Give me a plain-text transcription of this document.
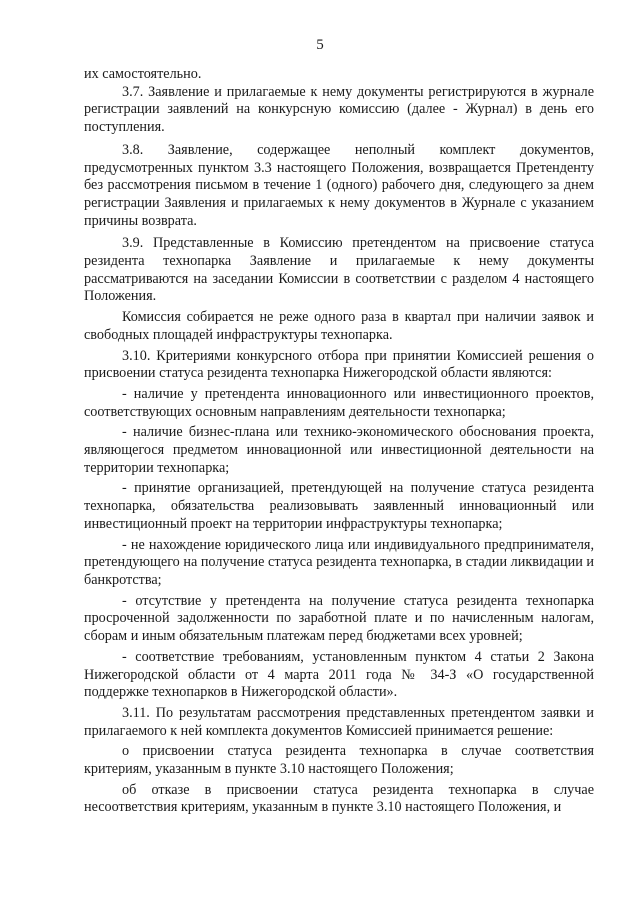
5

их самостоятельно.

3.7. Заявление и прилагаемые к нему документы регистрируются в журнале регистрации заявлений на конкурсную комиссию (далее - Журнал) в день его поступления.

3.8. Заявление, содержащее неполный комплект документов, предусмотренных пунктом 3.3 настоящего Положения, возвращается Претенденту без рассмотрения письмом в течение 1 (одного) рабочего дня, следующего за днем регистрации Заявления и прилагаемых к нему документов в Журнале с указанием причины возврата.

3.9. Представленные в Комиссию претендентом на присвоение статуса резидента технопарка Заявление и прилагаемые к нему документы рассматриваются на заседании Комиссии в соответствии с разделом 4 настоящего Положения.

Комиссия собирается не реже одного раза в квартал при наличии заявок и свободных площадей инфраструктуры технопарка.

3.10. Критериями конкурсного отбора при принятии Комиссией решения о присвоении статуса резидента технопарка Нижегородской области являются:

- наличие у претендента инновационного или инвестиционного проектов, соответствующих основным направлениям деятельности технопарка;

- наличие бизнес-плана или технико-экономического обоснования проекта, являющегося предметом инновационной или инвестиционной деятельности на территории технопарка;

- принятие организацией, претендующей на получение статуса резидента технопарка, обязательства реализовывать заявленный инновационный или инвестиционный проект на территории инфраструктуры технопарка;

- не нахождение юридического лица или индивидуального предпринимателя, претендующего на получение статуса резидента технопарка, в стадии ликвидации и банкротства;

- отсутствие у претендента на получение статуса резидента технопарка просроченной задолженности по заработной плате и по начисленным налогам, сборам и иным обязательным платежам перед бюджетами всех уровней;

- соответствие требованиям, установленным пунктом 4 статьи 2 Закона Нижегородской области от 4 марта 2011 года № 34-З «О государственной поддержке технопарков в Нижегородской области».

3.11. По результатам рассмотрения представленных претендентом заявки и прилагаемого к ней комплекта документов Комиссией принимается решение:

о присвоении статуса резидента технопарка в случае соответствия критериям, указанным в пункте 3.10 настоящего Положения;

об отказе в присвоении статуса резидента технопарка в случае несоответствия критериям, указанным в пункте 3.10 настоящего Положения, и
